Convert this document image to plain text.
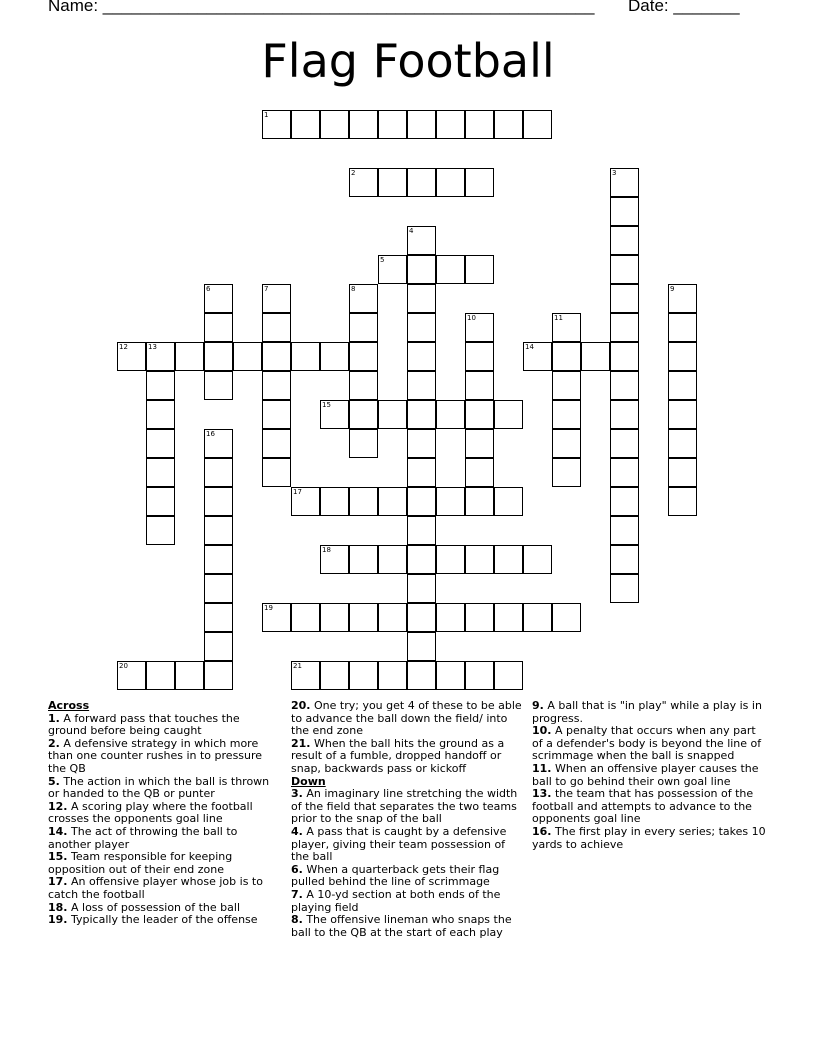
Name: ____________________________________________________ Date: _______
Flag Football
1
2	3
4
5
6	7	8	9
10	11
12	13	14
15
16
17
18
19
20	21
Across
1. A forward pass that touches the ground before being caught
2. A defensive strategy in which more than one counter rushes in to pressure the QB
5. The action in which the ball is thrown or handed to the QB or punter
12. A scoring play where the football crosses the opponents goal line
14. The act of throwing the ball to another player
15. Team responsible for keeping opposition out of their end zone
17. An offensive player whose job is to catch the football
18. A loss of possession of the ball
19. Typically the leader of the offense
20. One try; you get 4 of these to be able to advance the ball down the field/ into the end zone
21. When the ball hits the ground as a result of a fumble, dropped handoff or snap, backwards pass or kickoff
Down
3. An imaginary line stretching the width of the field that separates the two teams prior to the snap of the ball
4. A pass that is caught by a defensive player, giving their team possession of the ball
6. When a quarterback gets their flag pulled behind the line of scrimmage
7. A 10-yd section at both ends of the playing field
8. The offensive lineman who snaps the ball to the QB at the start of each play
9. A ball that is "in play" while a play is in progress.
10. A penalty that occurs when any part of a defender's body is beyond the line of scrimmage when the ball is snapped
11. When an offensive player causes the ball to go behind their own goal line
13. the team that has possession of the football and attempts to advance to the opponents goal line
16. The first play in every series; takes 10 yards to achieve
